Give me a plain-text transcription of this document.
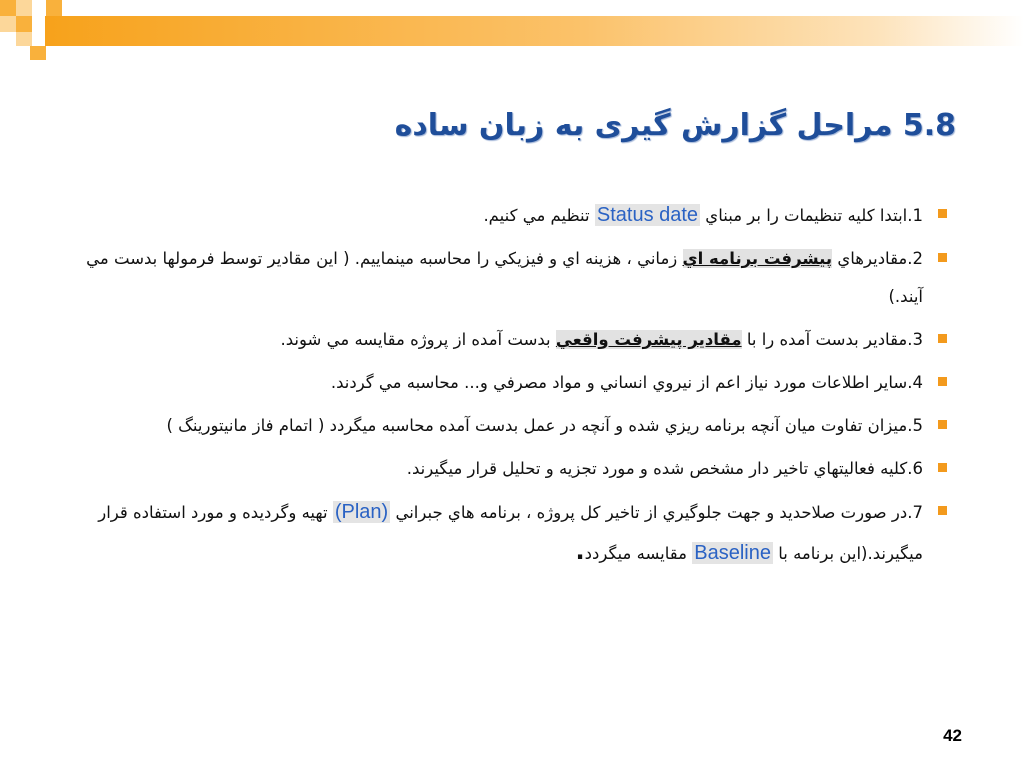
5.8 مراحل گزارش گيری به زبان ساده
1.ابتدا کليه تنظيمات را بر مبناي Status date تنظيم مي کنيم.
2.مقاديرهاي پيشرفت برنامه اي زماني ، هزينه اي و فيزيکي را محاسبه مينماييم. ( اين مقادير توسط فرمولها بدست مي آيند.)
3.مقادير بدست آمده را با مقادير پيشرفت واقعي بدست آمده از پروژه مقايسه مي شوند.
4.ساير اطلاعات مورد نياز اعم از نيروي انساني و مواد مصرفي و... محاسبه مي گردند.
5.ميزان تفاوت ميان آنچه برنامه ريزي شده و آنچه در عمل بدست آمده محاسبه ميگردد ( اتمام فاز مانيتورينگ )
6.کليه فعاليتهاي تاخير دار مشخص شده و مورد تجزيه و تحليل قرار ميگيرند.
7.در صورت صلاحديد و جهت جلوگيري از تاخير کل پروژه ، برنامه هاي جبراني (Plan) تهيه وگرديده و مورد استفاده قرار ميگيرند.(اين برنامه با Baseline مقايسه ميگردد.
42
